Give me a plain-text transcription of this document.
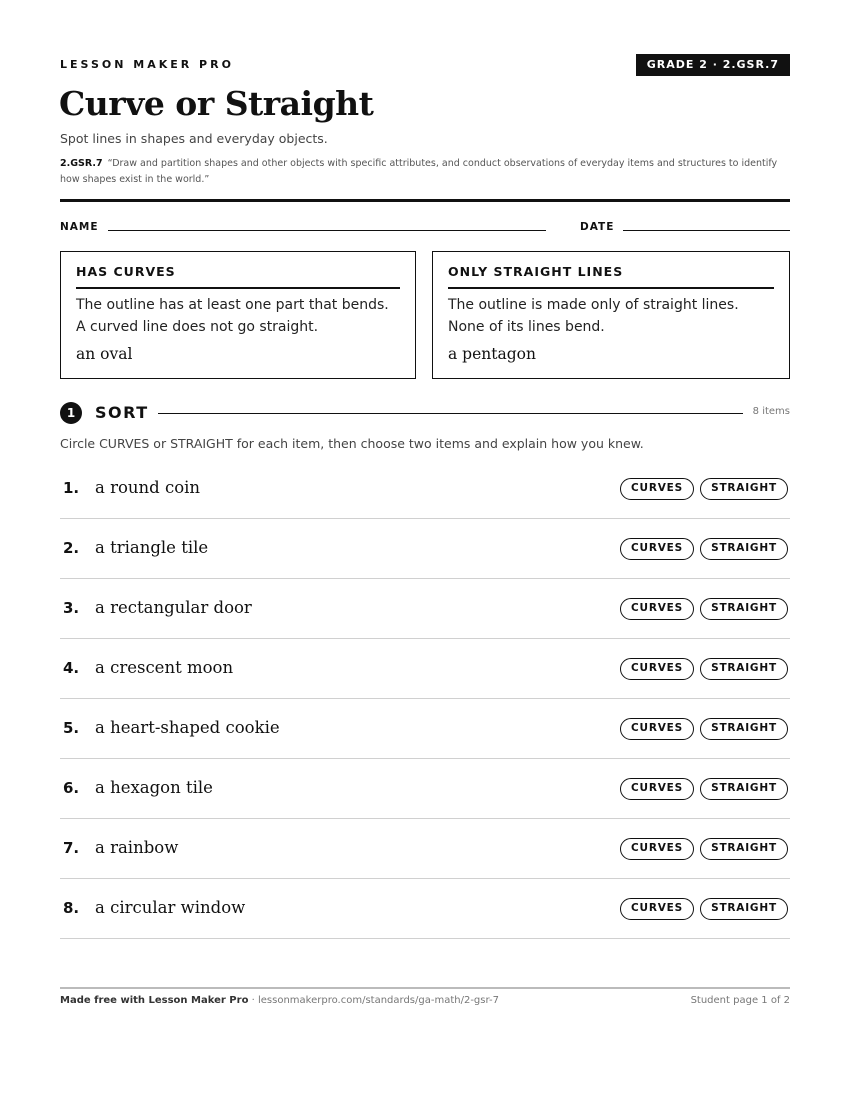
LESSON MAKER PRO	GRADE 2 · 2.GSR.7
Curve or Straight
Spot lines in shapes and everyday objects.
2.GSR.7 “Draw and partition shapes and other objects with specific attributes, and conduct observations of everyday items and structures to identify how shapes exist in the world.”
NAME	DATE
HAS CURVES
The outline has at least one part that bends. A curved line does not go straight.
an oval
ONLY STRAIGHT LINES
The outline is made only of straight lines. None of its lines bend.
a pentagon
1	SORT	8 items
Circle CURVES or STRAIGHT for each item, then choose two items and explain how you knew.
1. a round coin	CURVES	STRAIGHT
2. a triangle tile	CURVES	STRAIGHT
3. a rectangular door	CURVES	STRAIGHT
4. a crescent moon	CURVES	STRAIGHT
5. a heart-shaped cookie	CURVES	STRAIGHT
6. a hexagon tile	CURVES	STRAIGHT
7. a rainbow	CURVES	STRAIGHT
8. a circular window	CURVES	STRAIGHT
Made free with Lesson Maker Pro · lessonmakerpro.com/standards/ga-math/2-gsr-7	Student page 1 of 2
